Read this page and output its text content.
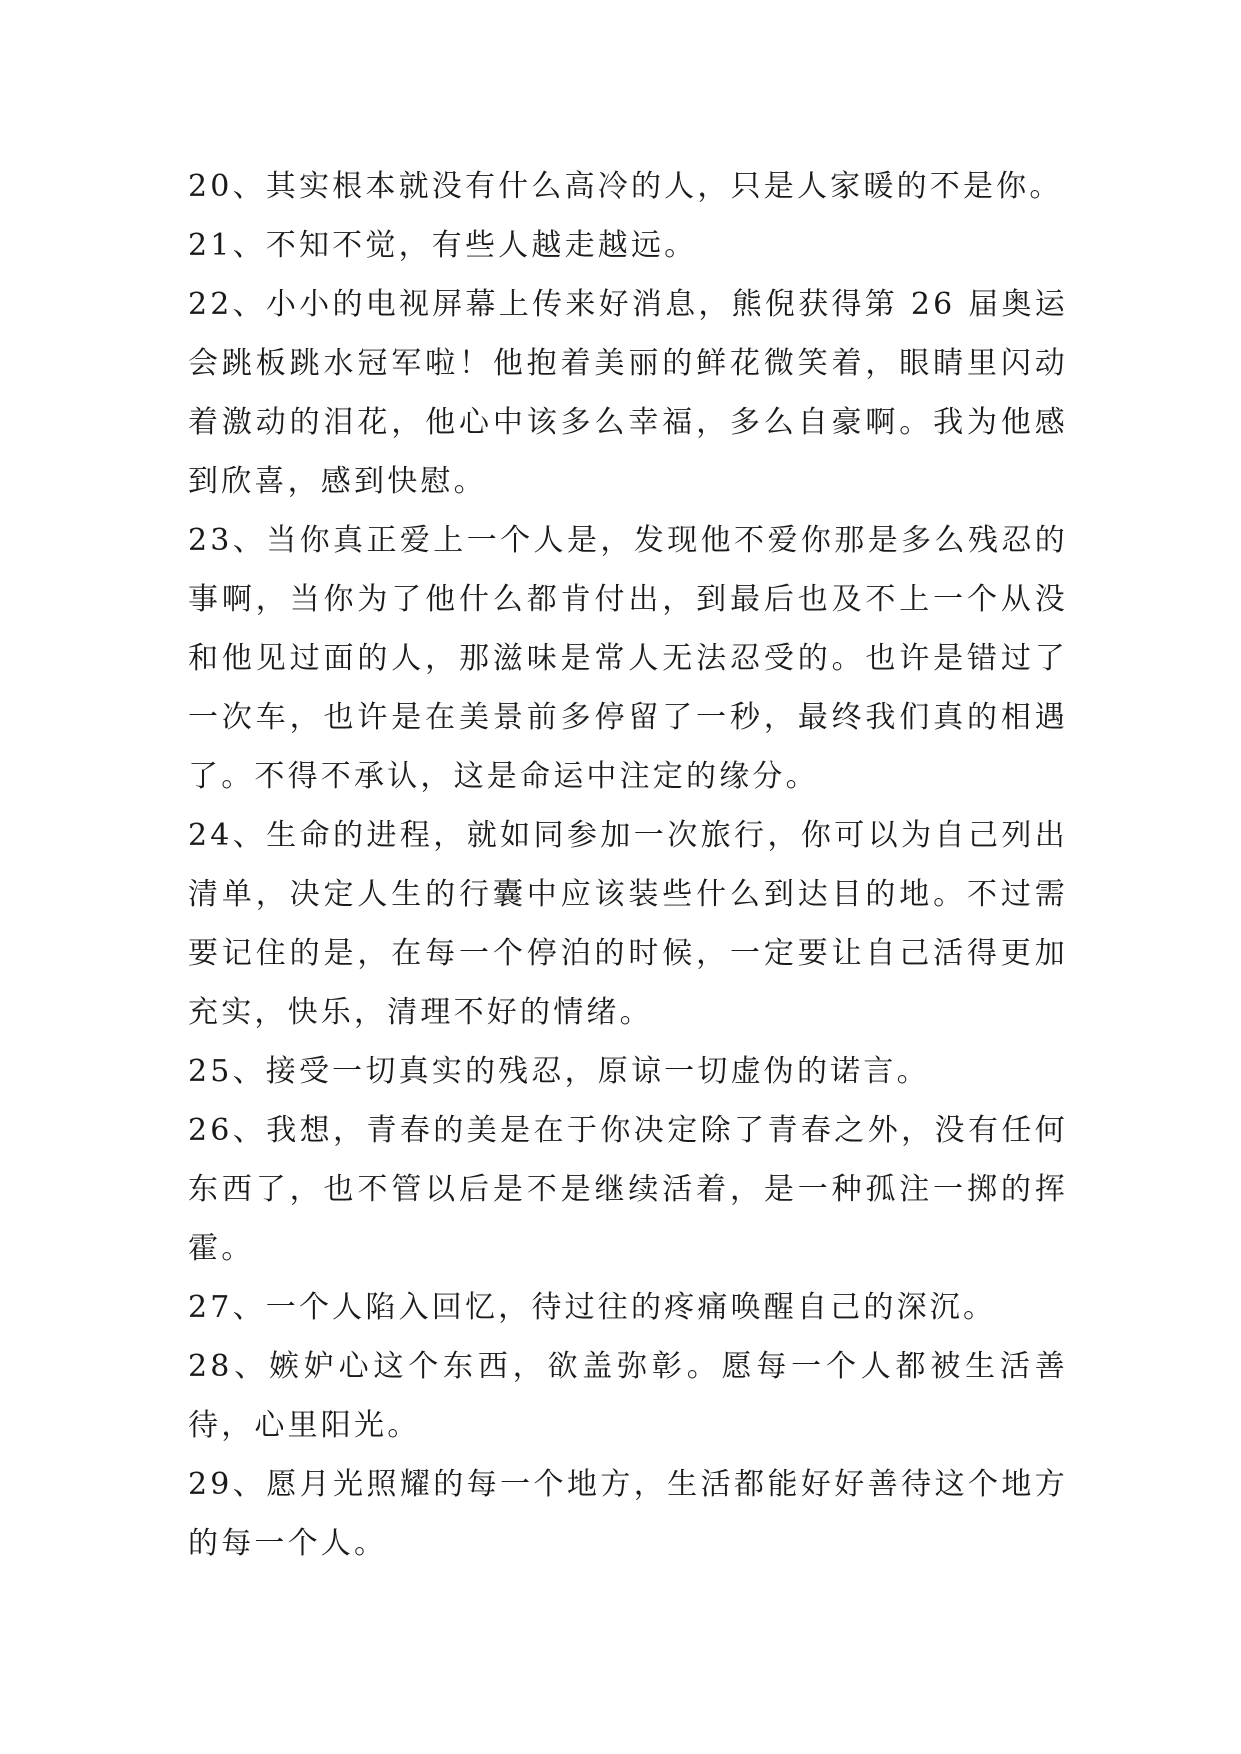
20、其实根本就没有什么高冷的人，只是人家暖的不是你。

21、不知不觉，有些人越走越远。

22、小小的电视屏幕上传来好消息，熊倪获得第 26 届奥运会跳板跳水冠军啦！他抱着美丽的鲜花微笑着，眼睛里闪动着激动的泪花，他心中该多么幸福，多么自豪啊。我为他感到欣喜，感到快慰。

23、当你真正爱上一个人是，发现他不爱你那是多么残忍的事啊，当你为了他什么都肯付出，到最后也及不上一个从没和他见过面的人，那滋味是常人无法忍受的。也许是错过了一次车，也许是在美景前多停留了一秒，最终我们真的相遇了。不得不承认，这是命运中注定的缘分。

24、生命的进程，就如同参加一次旅行，你可以为自己列出清单，决定人生的行囊中应该装些什么到达目的地。不过需要记住的是，在每一个停泊的时候，一定要让自己活得更加充实，快乐，清理不好的情绪。

25、接受一切真实的残忍，原谅一切虚伪的诺言。

26、我想，青春的美是在于你决定除了青春之外，没有任何东西了，也不管以后是不是继续活着，是一种孤注一掷的挥霍。

27、一个人陷入回忆，待过往的疼痛唤醒自己的深沉。

28、嫉妒心这个东西，欲盖弥彰。愿每一个人都被生活善待，心里阳光。

29、愿月光照耀的每一个地方，生活都能好好善待这个地方的每一个人。
